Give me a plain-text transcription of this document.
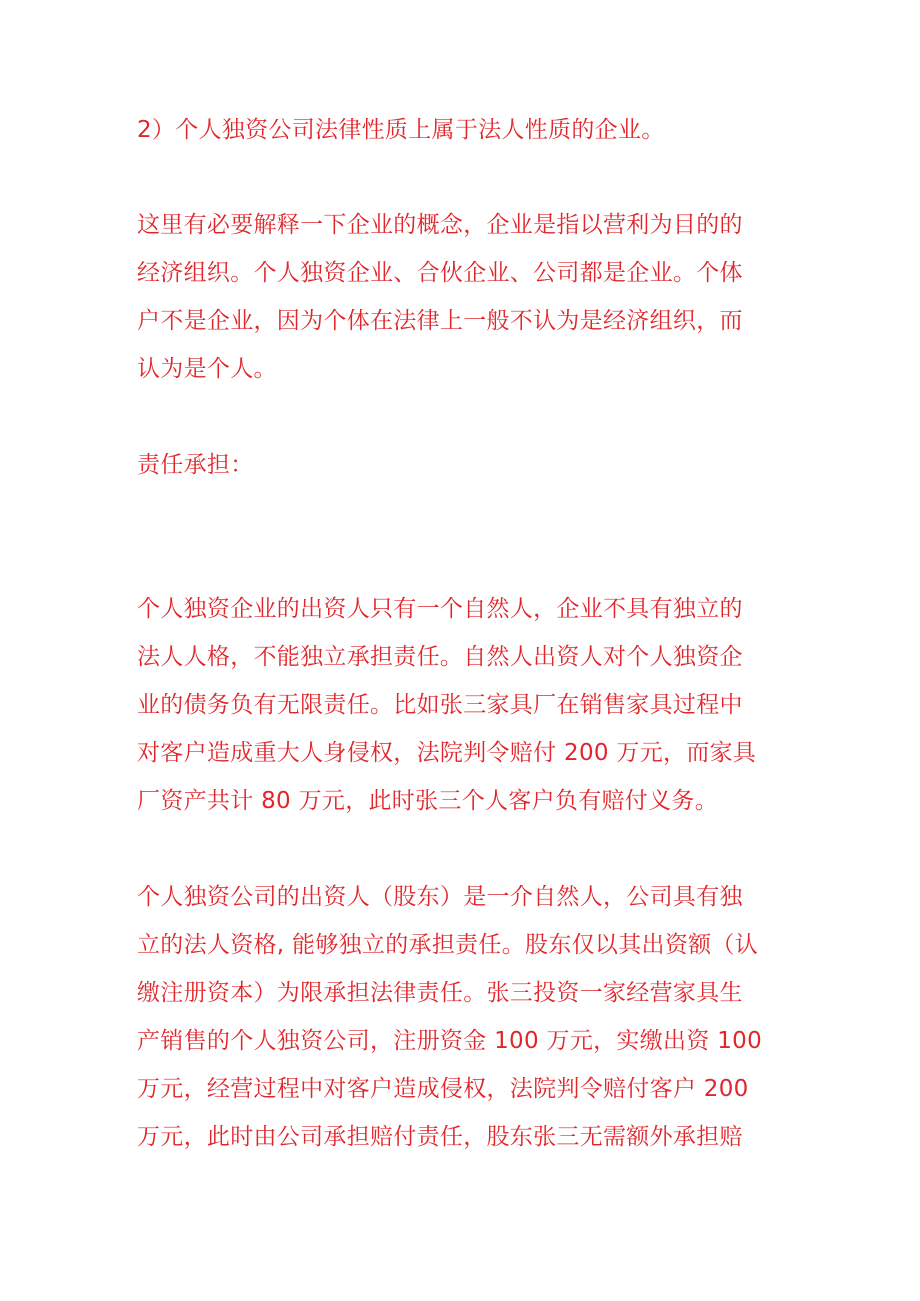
2）个人独资公司法律性质上属于法人性质的企业。

这里有必要解释一下企业的概念，企业是指以营利为目的的
经济组织。个人独资企业、合伙企业、公司都是企业。个体
户不是企业，因为个体在法律上一般不认为是经济组织，而
认为是个人。

责任承担：

个人独资企业的出资人只有一个自然人，企业不具有独立的
法人人格，不能独立承担责任。自然人出资人对个人独资企
业的债务负有无限责任。比如张三家具厂在销售家具过程中
对客户造成重大人身侵权，法院判令赔付 200 万元，而家具
厂资产共计 80 万元，此时张三个人客户负有赔付义务。

个人独资公司的出资人（股东）是一介自然人，公司具有独
立的法人资格, 能够独立的承担责任。股东仅以其出资额（认
缴注册资本）为限承担法律责任。张三投资一家经营家具生
产销售的个人独资公司，注册资金 100 万元，实缴出资 100
万元，经营过程中对客户造成侵权，法院判令赔付客户 200
万元，此时由公司承担赔付责任，股东张三无需额外承担赔
